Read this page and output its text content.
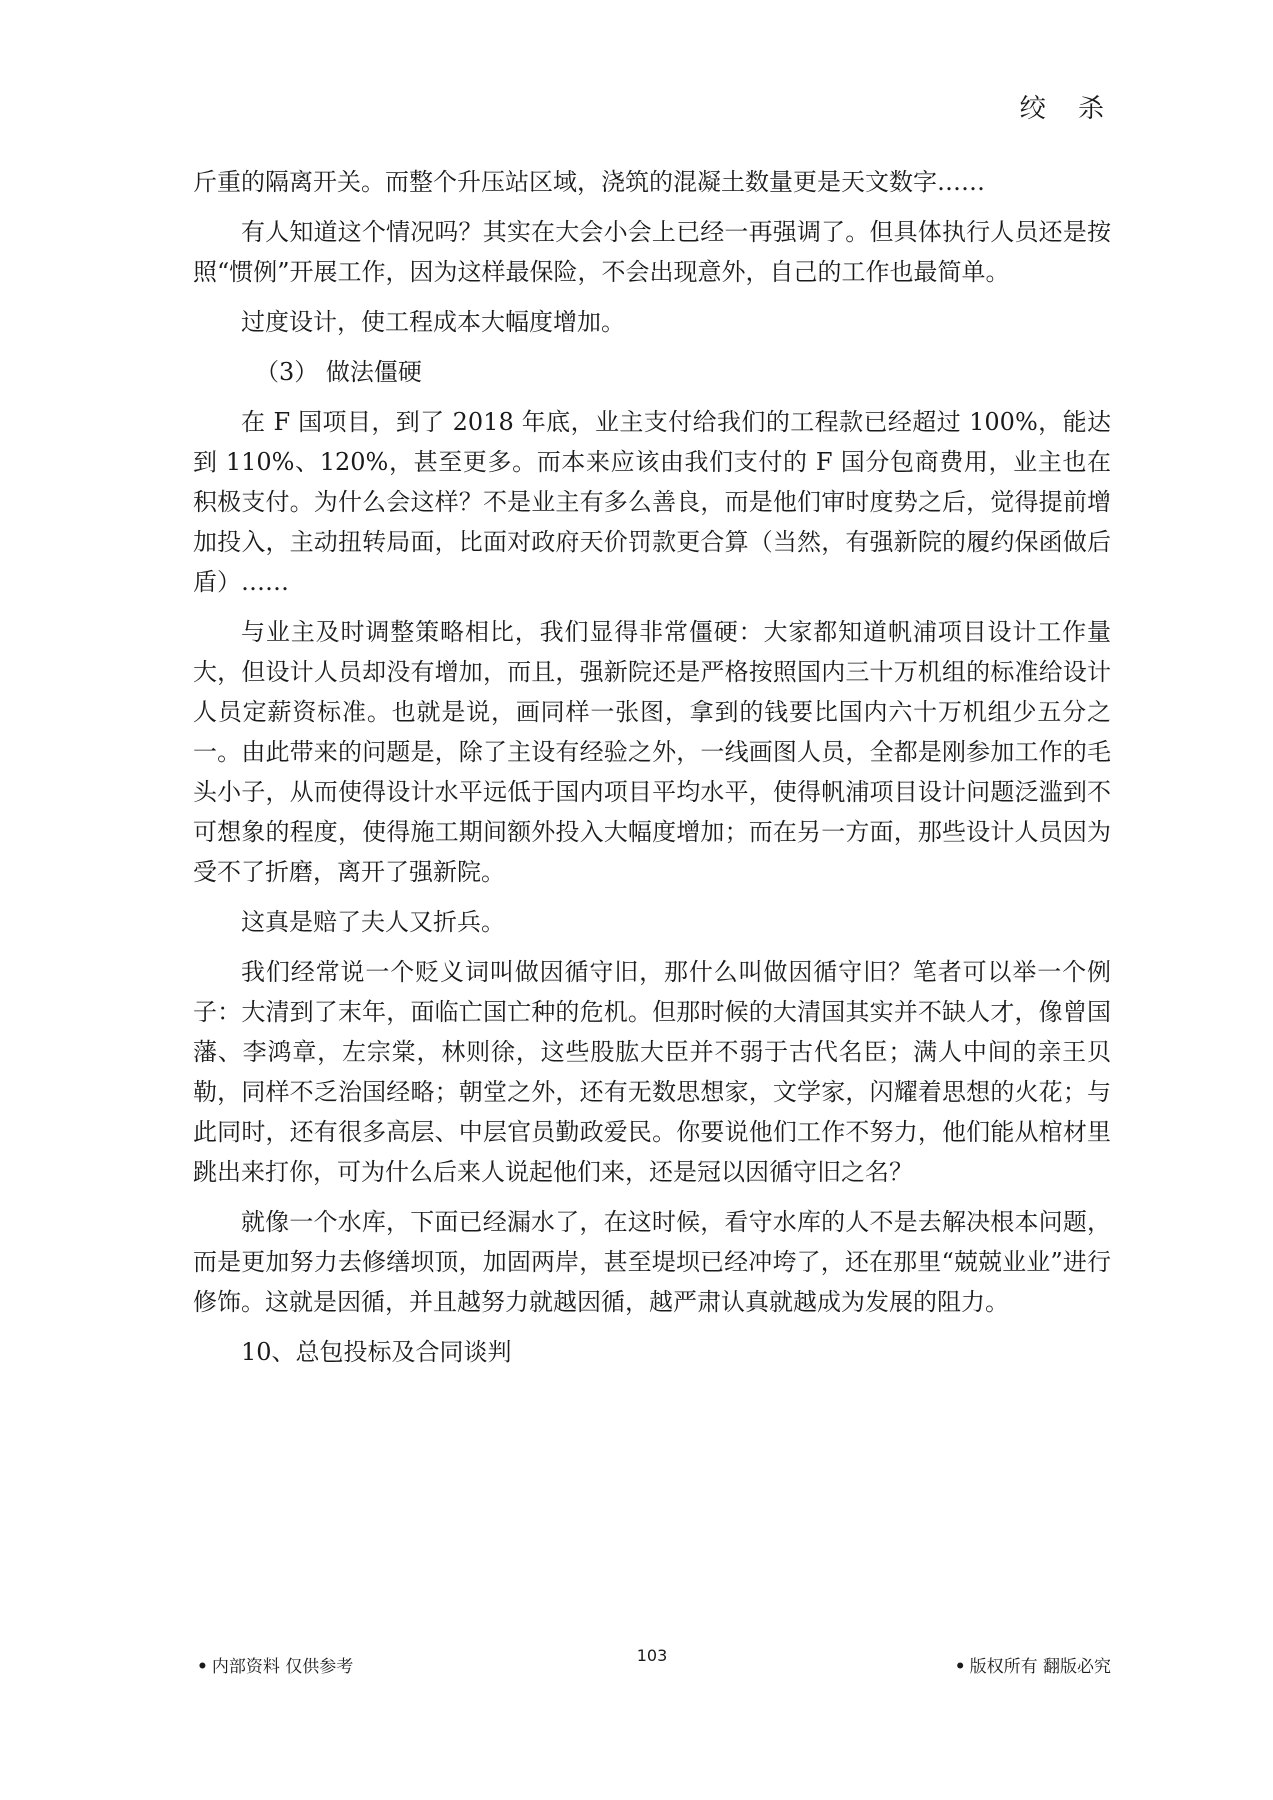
绞 杀

斤重的隔离开关。而整个升压站区域，浇筑的混凝土数量更是天文数字……

有人知道这个情况吗？其实在大会小会上已经一再强调了。但具体执行人员还是按照“惯例”开展工作，因为这样最保险，不会出现意外，自己的工作也最简单。

过度设计，使工程成本大幅度增加。

（3） 做法僵硬

在 F 国项目，到了 2018 年底，业主支付给我们的工程款已经超过 100%，能达到 110%、120%，甚至更多。而本来应该由我们支付的 F 国分包商费用，业主也在积极支付。为什么会这样？不是业主有多么善良，而是他们审时度势之后，觉得提前增加投入，主动扭转局面，比面对政府天价罚款更合算（当然，有强新院的履约保函做后盾）……

与业主及时调整策略相比，我们显得非常僵硬：大家都知道帆浦项目设计工作量大，但设计人员却没有增加，而且，强新院还是严格按照国内三十万机组的标准给设计人员定薪资标准。也就是说，画同样一张图，拿到的钱要比国内六十万机组少五分之一。由此带来的问题是，除了主设有经验之外，一线画图人员，全都是刚参加工作的毛头小子，从而使得设计水平远低于国内项目平均水平，使得帆浦项目设计问题泛滥到不可想象的程度，使得施工期间额外投入大幅度增加；而在另一方面，那些设计人员因为受不了折磨，离开了强新院。

这真是赔了夫人又折兵。

我们经常说一个贬义词叫做因循守旧，那什么叫做因循守旧？笔者可以举一个例子：大清到了末年，面临亡国亡种的危机。但那时候的大清国其实并不缺人才，像曾国藩、李鸿章，左宗棠，林则徐，这些股肱大臣并不弱于古代名臣；满人中间的亲王贝勒，同样不乏治国经略；朝堂之外，还有无数思想家，文学家，闪耀着思想的火花；与此同时，还有很多高层、中层官员勤政爱民。你要说他们工作不努力，他们能从棺材里跳出来打你，可为什么后来人说起他们来，还是冠以因循守旧之名？

就像一个水库，下面已经漏水了，在这时候，看守水库的人不是去解决根本问题，而是更加努力去修缮坝顶，加固两岸，甚至堤坝已经冲垮了，还在那里“兢兢业业”进行修饰。这就是因循，并且越努力就越因循，越严肃认真就越成为发展的阻力。

10、总包投标及合同谈判

• 内部资料 仅供参考
103
• 版权所有 翻版必究
